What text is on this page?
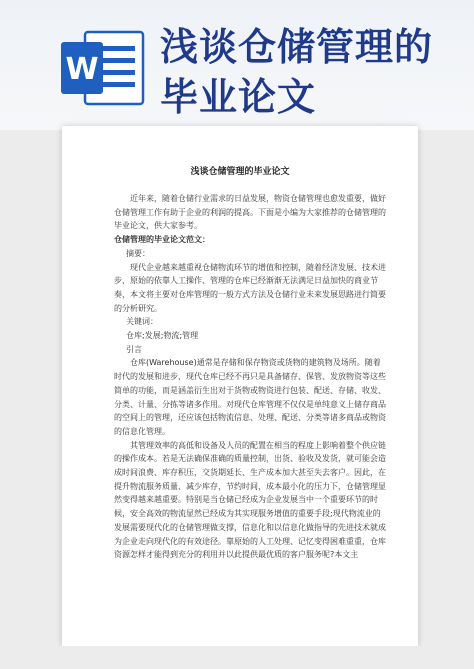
W
浅谈仓储管理的毕业论文
浅谈仓储管理的毕业论文

近年来，随着仓储行业需求的日益发展，物资仓储管理也愈发重要，做好仓储管理工作有助于企业的利润的提高。下面是小编为大家推荐的仓储管理的毕业论文，供大家参考。

仓储管理的毕业论文范文：

摘要：

现代企业越来越重视仓储物流环节的增值和控制，随着经济发展、技术进步，原始的依靠人工操作、管理的仓库已经渐渐无法满足日益加快的商业节奏，本文将主要对仓库管理的一般方式方法及仓储行业未来发展思路进行简要的分析研究。

关键词：

仓库;发展;物流;管理

引言

仓库(Warehouse)通常是存储和保存物资或货物的建筑物及场所。随着时代的发展和进步，现代仓库已经不再只是具备储存、保管、发放物资等这些简单的功能，而是涵盖衍生出对于货物或物资进行包装、配送、存储、收发、分类、计量、分拣等诸多作用。对现代仓库管理不仅仅是单纯意义上储存商品的空间上的管理，还应该包括物流信息、处理、配送、分类等诸多商品或物资的信息化管理。

其管理效率的高低和设备及人员的配置在相当的程度上影响着整个供应链的操作成本。若是无法确保准确的质量控制，出货、验收及发货，就可能会造成时间浪费、库存积压，交货期延长、生产成本加大甚至失去客户。因此，在提升物流服务质量、减少库存，节约时间，成本最小化的压力下，仓储管理显然变得越来越重要。特别是当仓储已经成为企业发展当中一个重要环节的时候，安全高效的物流显然已经成为其实现服务增值的重要手段;现代物流业的发展需要现代化的仓储管理做支撑，信息化和以信息化做指导的先进技术就成为企业走向现代化的有效途径。靠原始的人工处理、记忆变得困难重重，仓库资源怎样才能得到充分的利用并以此提供最优质的客户服务呢?本文主
